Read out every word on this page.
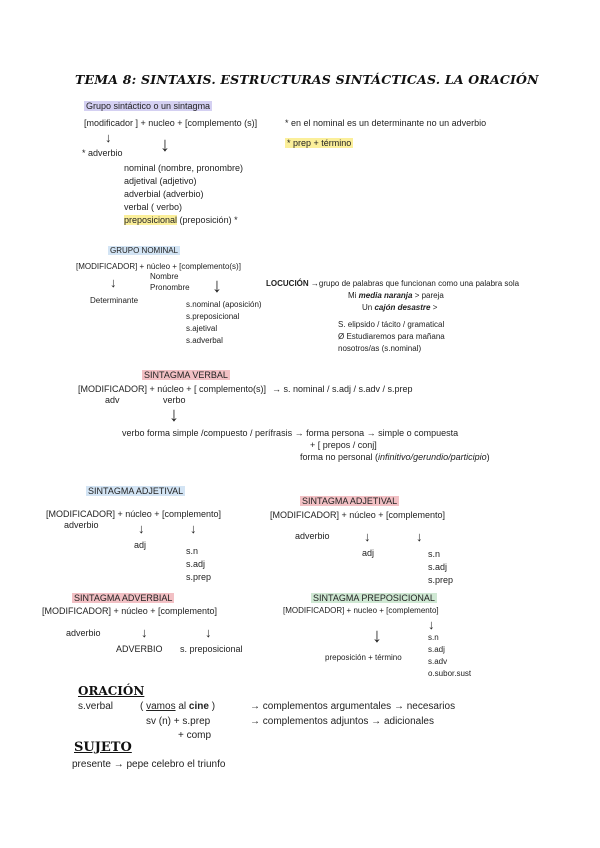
TEMA 8: SINTAXIS. ESTRUCTURAS SINTÁCTICAS. LA ORACIÓN
Grupo sintáctico o un sintagma
[modificador ] + nucleo + [complemento (s)]
↓ ↓
* adverbio
* en el nominal es un determinante no un adverbio
* prep + término
nominal (nombre, pronombre)
adjetival (adjetivo)
adverbial (adverbio)
verbal ( verbo)
preposicional (preposición) *
GRUPO NOMINAL
[MODIFICADOR] + núcleo + [complemento(s)]
Nombre
Pronombre
↓	↓
Determinante	s.nominal (aposición)
s.preposicional
s.ajetival
s.adverbal
LOCUCIÓN →grupo de palabras que funcionan como una palabra sola
Mi media naranja > pareja
Un cajón desastre >
S. elipsido / tácito / gramatical
Ø Estudiaremos para mañana
nosotros/as (s.nominal)
SINTAGMA VERBAL
[MODIFICADOR] + núcleo + [ complemento(s)] → s. nominal / s.adj / s.adv / s.prep
adv	verbo
↓
verbo forma simple /compuesto / perífrasis → forma persona → simple o compuesta
+ [ prepos / conj]
forma no personal (infinitivo/gerundio/participio)
SINTAGMA ADJETIVAL
[MODIFICADOR] + núcleo + [complemento]
adverbio	↓	↓
adj
s.n
s.adj
s.prep
SINTAGMA ADJETIVAL
[MODIFICADOR] + núcleo + [complemento]
adverbio	↓	↓
adj	s.n
s.adj
s.prep
SINTAGMA ADVERBIAL
[MODIFICADOR] + núcleo + [complemento]
adverbio	↓	↓
ADVERBIO s. preposicional
SINTAGMA PREPOSICIONAL
[MODIFICADOR] + nucleo + [complemento]
↓
↓
preposición + término
s.n
s.adj
s.adv
o.subor.sust
ORACIÓN
s.verbal	( vamos al cine )	→ complementos argumentales → necesarios
sv (n) + s.prep	→ complementos adjuntos → adicionales
+ comp
SUJETO
presente → pepe celebro el triunfo
